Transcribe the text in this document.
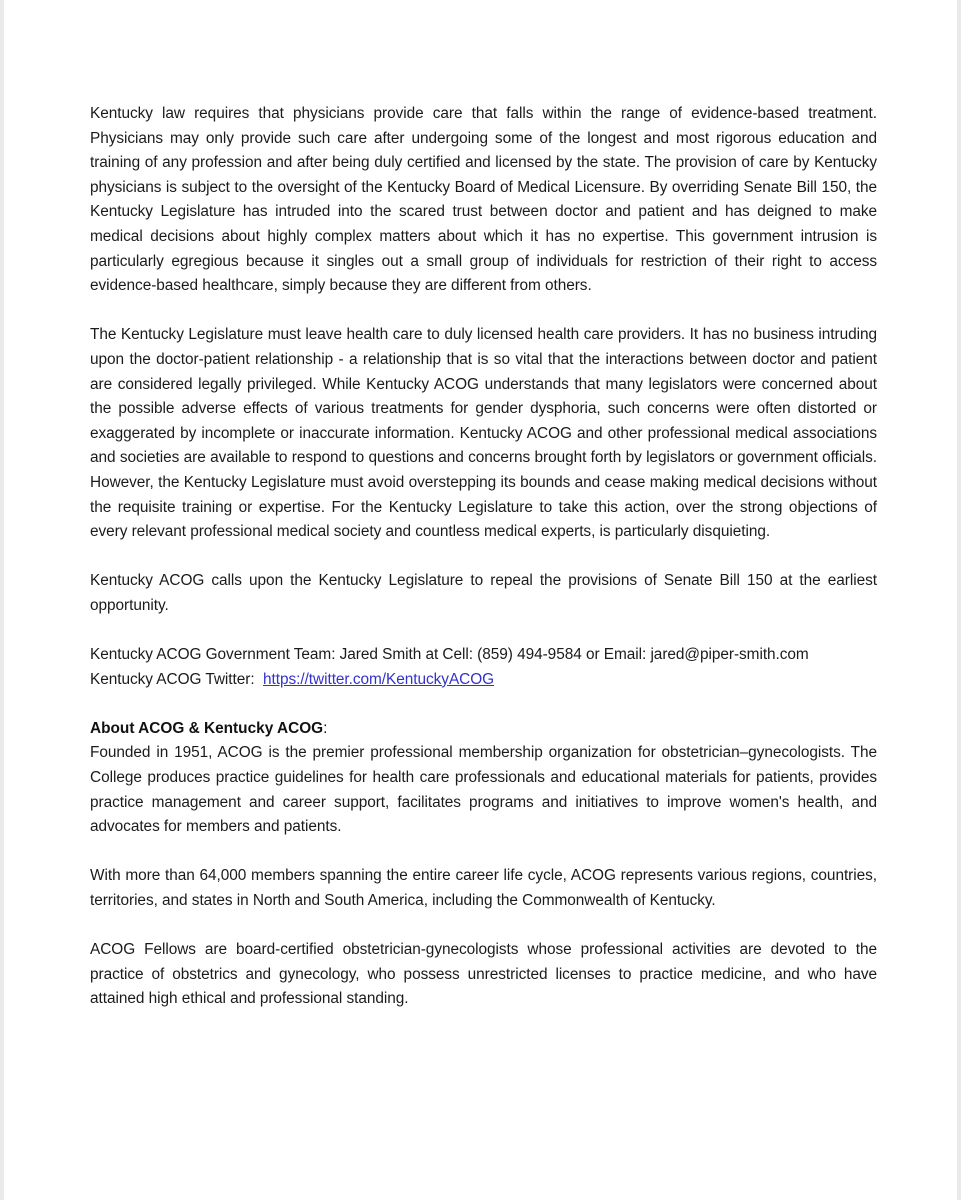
Kentucky law requires that physicians provide care that falls within the range of evidence-based treatment. Physicians may only provide such care after undergoing some of the longest and most rigorous education and training of any profession and after being duly certified and licensed by the state. The provision of care by Kentucky physicians is subject to the oversight of the Kentucky Board of Medical Licensure. By overriding Senate Bill 150, the Kentucky Legislature has intruded into the scared trust between doctor and patient and has deigned to make medical decisions about highly complex matters about which it has no expertise. This government intrusion is particularly egregious because it singles out a small group of individuals for restriction of their right to access evidence-based healthcare, simply because they are different from others.

The Kentucky Legislature must leave health care to duly licensed health care providers. It has no business intruding upon the doctor-patient relationship - a relationship that is so vital that the interactions between doctor and patient are considered legally privileged. While Kentucky ACOG understands that many legislators were concerned about the possible adverse effects of various treatments for gender dysphoria, such concerns were often distorted or exaggerated by incomplete or inaccurate information. Kentucky ACOG and other professional medical associations and societies are available to respond to questions and concerns brought forth by legislators or government officials. However, the Kentucky Legislature must avoid overstepping its bounds and cease making medical decisions without the requisite training or expertise. For the Kentucky Legislature to take this action, over the strong objections of every relevant professional medical society and countless medical experts, is particularly disquieting.

Kentucky ACOG calls upon the Kentucky Legislature to repeal the provisions of Senate Bill 150 at the earliest opportunity.

Kentucky ACOG Government Team: Jared Smith at Cell: (859) 494-9584 or Email: jared@piper-smith.com

Kentucky ACOG Twitter: https://twitter.com/KentuckyACOG

About ACOG & Kentucky ACOG:

Founded in 1951, ACOG is the premier professional membership organization for obstetrician–gynecologists. The College produces practice guidelines for health care professionals and educational materials for patients, provides practice management and career support, facilitates programs and initiatives to improve women's health, and advocates for members and patients.

With more than 64,000 members spanning the entire career life cycle, ACOG represents various regions, countries, territories, and states in North and South America, including the Commonwealth of Kentucky.

ACOG Fellows are board-certified obstetrician-gynecologists whose professional activities are devoted to the practice of obstetrics and gynecology, who possess unrestricted licenses to practice medicine, and who have attained high ethical and professional standing.
